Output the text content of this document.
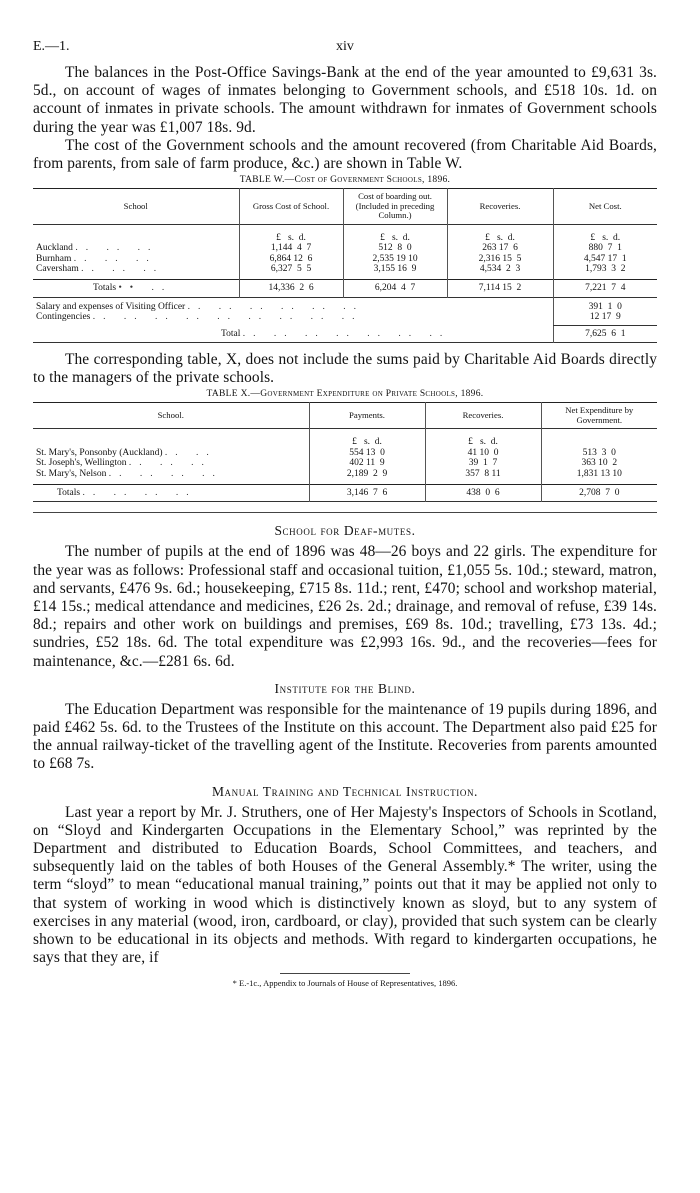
E.—1.	xiv

The balances in the Post-Office Savings-Bank at the end of the year amounted to £9,631 3s. 5d., on account of wages of inmates belonging to Government schools, and £518 10s. 1d. on account of inmates in private schools. The amount withdrawn for inmates of Government schools during the year was £1,007 18s. 9d.

The cost of the Government schools and the amount recovered (from Charitable Aid Boards, from parents, from sale of farm produce, &c.) are shown in Table W.

TABLE W.—Cost of Government Schools, 1896.
School	Gross Cost of School.	Cost of boarding out. (Included in preceding Column.)	Recoveries.	Net Cost.

	£   s.  d.	£   s.  d.	£   s.  d.	£   s.  d.
Auckland .. .. ..	1,144  4  7	512  8  0	263 17  6	880  7  1
Burnham .. .. ..	6,864 12  6	2,535 19 10	2,316 15  5	4,547 17  1
Caversham .. .. ..	6,327  5  5	3,155 16  9	4,534  2  3	1,793  3  2

Totals •• ..	14,336  2  6	6,204  4  7	7,114 15  2	7,221  7  4

Salary and expenses of Visiting Officer .. .. .. .. .. ..				391  1  0
Contingencies .. .. .. .. .. .. .. .. ..				12 17  9

Total .. .. .. .. .. .. ..				7,625  6  1

The corresponding table, X, does not include the sums paid by Charitable Aid Boards directly to the managers of the private schools.

TABLE X.—Government Expenditure on Private Schools, 1896.
School.	Payments.	Recoveries.	Net Expenditure by Government.

	£   s.  d.	£   s.  d.	
St. Mary's, Ponsonby (Auckland) .. ..	554 13  0	41 10  0	513  3  0
St. Joseph's, Wellington .. .. ..	402 11  9	39  1  7	363 10  2
St. Mary's, Nelson .. .. .. ..	2,189  2  9	357  8 11	1,831 13 10

Totals .. .. .. ..	3,146  7  6	438  0  6	2,708  7  0
School for Deaf-mutes.

The number of pupils at the end of 1896 was 48—26 boys and 22 girls. The expenditure for the year was as follows: Professional staff and occasional tuition, £1,055 5s. 10d.; steward, matron, and servants, £476 9s. 6d.; housekeeping, £715 8s. 11d.; rent, £470; school and workshop material, £14 15s.; medical attendance and medicines, £26 2s. 2d.; drainage, and removal of refuse, £39 14s. 8d.; repairs and other work on buildings and premises, £69 8s. 10d.; travelling, £73 13s. 4d.; sundries, £52 18s. 6d. The total expenditure was £2,993 16s. 9d., and the recoveries—fees for maintenance, &c.—£281 6s. 6d.

Institute for the Blind.

The Education Department was responsible for the maintenance of 19 pupils during 1896, and paid £462 5s. 6d. to the Trustees of the Institute on this account. The Department also paid £25 for the annual railway-ticket of the travelling agent of the Institute. Recoveries from parents amounted to £68 7s.

Manual Training and Technical Instruction.

Last year a report by Mr. J. Struthers, one of Her Majesty's Inspectors of Schools in Scotland, on “Sloyd and Kindergarten Occupations in the Elementary School,” was reprinted by the Department and distributed to Education Boards, School Committees, and teachers, and subsequently laid on the tables of both Houses of the General Assembly.* The writer, using the term “sloyd” to mean “educational manual training,” points out that it may be applied not only to that system of working in wood which is distinctively known as sloyd, but to any system of exercises in any material (wood, iron, cardboard, or clay), provided that such system can be clearly shown to be educational in its objects and methods. With regard to kindergarten occupations, he says that they are, if

* E.-1c., Appendix to Journals of House of Representatives, 1896.
